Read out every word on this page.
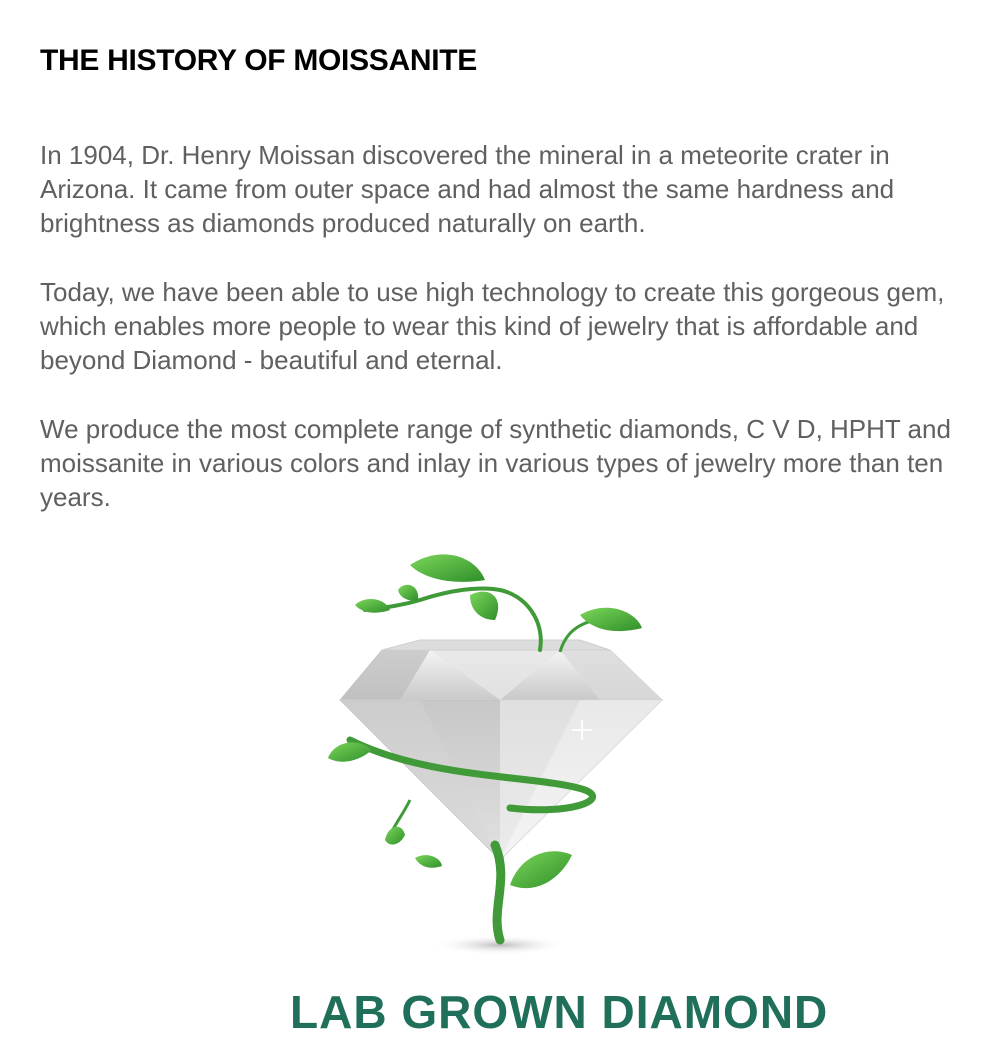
THE HISTORY OF MOISSANITE

In 1904, Dr. Henry Moissan discovered the mineral in a meteorite crater in Arizona. It came from outer space and had almost the same hardness and brightness as diamonds produced naturally on earth.

Today, we have been able to use high technology to create this gorgeous gem, which enables more people to wear this kind of jewelry that is affordable and beyond Diamond - beautiful and eternal.

We produce the most complete range of synthetic diamonds, C V D, HPHT and moissanite in various colors and inlay in various types of jewelry more than ten years.

LAB GROWN DIAMOND
